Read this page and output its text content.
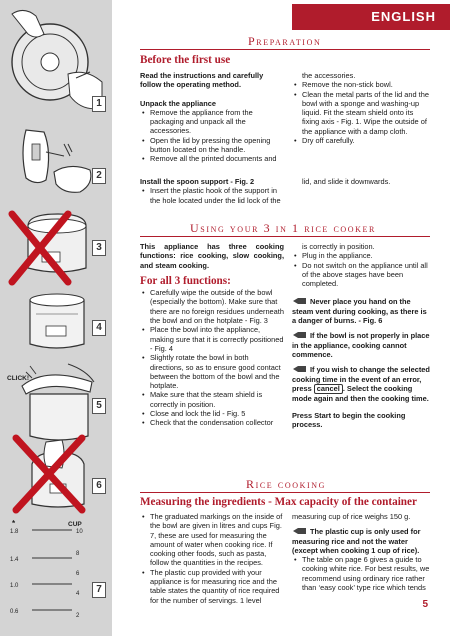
1
2
3
4
CLICK!
5
6
*	CUP
1.8
1.4
1.0
0.6
10
8
6
4
2
7
ENGLISH
Preparation
Before the first use

Read the instructions and carefully follow the operating method.

Unpack the appliance

• Remove the appliance from the packaging and unpack all the accessories.
• Open the lid by pressing the opening button located on the handle.
• Remove all the printed documents and

the accessories.

• Remove the non-stick bowl.
• Clean the metal parts of the lid and the bowl with a sponge and washing-up liquid. Fit the steam shield onto its fixing axis - Fig. 1. Wipe the outside of the appliance with a damp cloth.
• Dry off carefully.

Install the spoon support - Fig. 2

• Insert the plastic hook of the support in the hole located under the lid lock of the
lid, and slide it downwards.
Using your 3 in 1 rice cooker

This appliance has three cooking functions: rice cooking, slow cooking, and steam cooking.

For all 3 functions:
• Carefully wipe the outside of the bowl (especially the bottom). Make sure that there are no foreign residues underneath the bowl and on the hotplate - Fig. 3
• Place the bowl into the appliance, making sure that it is correctly positioned - Fig. 4
• Slightly rotate the bowl in both directions, so as to ensure good contact between the bottom of the bowl and the hotplate.
• Make sure that the steam shield is correctly in position.
• Close and lock the lid - Fig. 5
• Check that the condensation collector

is correctly in position.

• Plug in the appliance.
• Do not switch on the appliance until all of the above stages have been completed.

Never place you hand on the steam vent during cooking, as there is a danger of burns. - Fig. 6

If the bowl is not properly in place in the appliance, cooking cannot commence.

If you wish to change the selected cooking time in the event of an error, press cancel . Select the cooking mode again and then the cooking time.

Press Start to begin the cooking process.

Rice cooking
Measuring the ingredients - Max capacity of the container
• The graduated markings on the inside of the bowl are given in litres and cups Fig. 7, these are used for measuring the amount of water when cooking rice. If cooking other foods, such as pasta, follow the quantities in the recipes.
• The plastic cup provided with your appliance is for measuring rice and the table states the quantity of rice required for the number of servings. 1 level

measuring cup of rice weighs 150 g.

The plastic cup is only used for measuring rice and not the water (except when cooking 1 cup of rice).

• The table on page 6 gives a guide to cooking white rice. For best results, we recommend using ordinary rice rather than ‘easy cook’ type rice which tends
5
